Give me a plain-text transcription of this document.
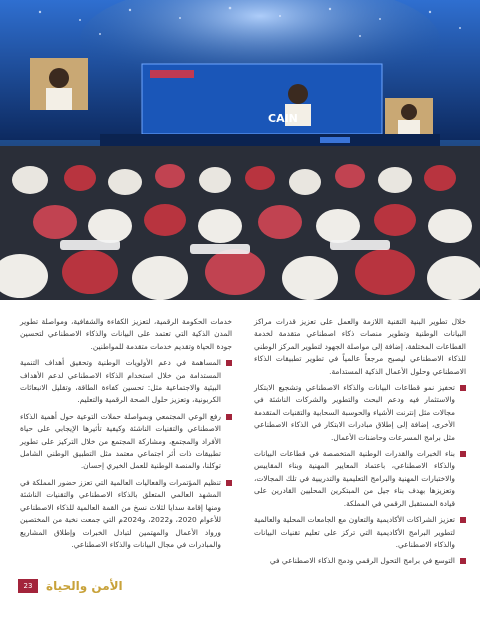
CAIN

خلال تطوير البنية التقنية اللازمة والعمل على تعزيز قدرات مراكز البيانات الوطنية وتطوير منصات ذكاء اصطناعي متقدمة لخدمة القطاعات المختلفة، إضافة إلى مواصلة الجهود لتطوير المركز الوطني للذكاء الاصطناعي ليصبح مرجعاً عالمياً في تطوير تطبيقات الذكاء الاصطناعي وحلول الأعمال الذكية المستدامة.

تحفيز نمو قطاعات البيانات والذكاء الاصطناعي وتشجيع الابتكار والاستثمار فيه ودعم البحث والتطوير والشركات الناشئة في مجالات مثل إنترنت الأشياء والحوسبة السحابية والتقنيات المتقدمة الأخرى، إضافة إلى إطلاق مبادرات الابتكار في الذكاء الاصطناعي مثل برامج المسرعات وحاضنات الأعمال.
بناء الخبرات والقدرات الوطنية المتخصصة في قطاعات البيانات والذكاء الاصطناعي، باعتماد المعايير المهنية وبناء المقاييس والاختبارات المهنية والبرامج التعليمية والتدريبية في تلك المجالات، وتعزيزها بهدف بناء جيل من المبتكرين المحليين القادرين على قيادة المستقبل الرقمي في المملكة.
تعزيز الشراكات الأكاديمية والتعاون مع الجامعات المحلية والعالمية لتطوير البرامج الأكاديمية التي تركز على تعليم تقنيات البيانات والذكاء الاصطناعي.
التوسع في برامج التحول الرقمي ودمج الذكاء الاصطناعي في

خدمات الحكومة الرقمية، لتعزيز الكفاءة والشفافية، ومواصلة تطوير المدن الذكية التي تعتمد على البيانات والذكاء الاصطناعي لتحسين جودة الحياة وتقديم خدمات متقدمة للمواطنين.

المساهمة في دعم الأولويات الوطنية وتحقيق أهداف التنمية المستدامة من خلال استخدام الذكاء الاصطناعي لدعم الأهداف البيئية والاجتماعية مثل: تحسين كفاءة الطاقة، وتقليل الانبعاثات الكربونية، وتعزيز حلول الصحة الرقمية والتعليم.
رفع الوعي المجتمعي وبمواصلة حملات التوعية حول أهمية الذكاء الاصطناعي والتقنيات الناشئة وكيفية تأثيرها الإيجابي على حياة الأفراد والمجتمع، ومشاركة المجتمع من خلال التركيز على تطوير تطبيقات ذات أثر اجتماعي معتمد مثل التطبيق الوطني الشامل توكلنا، والمنصة الوطنية للعمل الخيري إحسان.
تنظيم المؤتمرات والفعاليات العالمية التي تعزز حضور المملكة في المشهد العالمي المتعلق بالذكاء الاصطناعي والتقنيات الناشئة ومنها إقامة سدايا لثلاث نسخ من القمة العالمية للذكاء الاصطناعي للأعوام 2020، و2022، و2024م التي جمعت نخبة من المختصين ورواد الأعمال والمهتمين لتبادل الخبرات وإطلاق المشاريع والمبادرات في مجال البيانات والذكاء الاصطناعي.
23	الأمن والحياة
